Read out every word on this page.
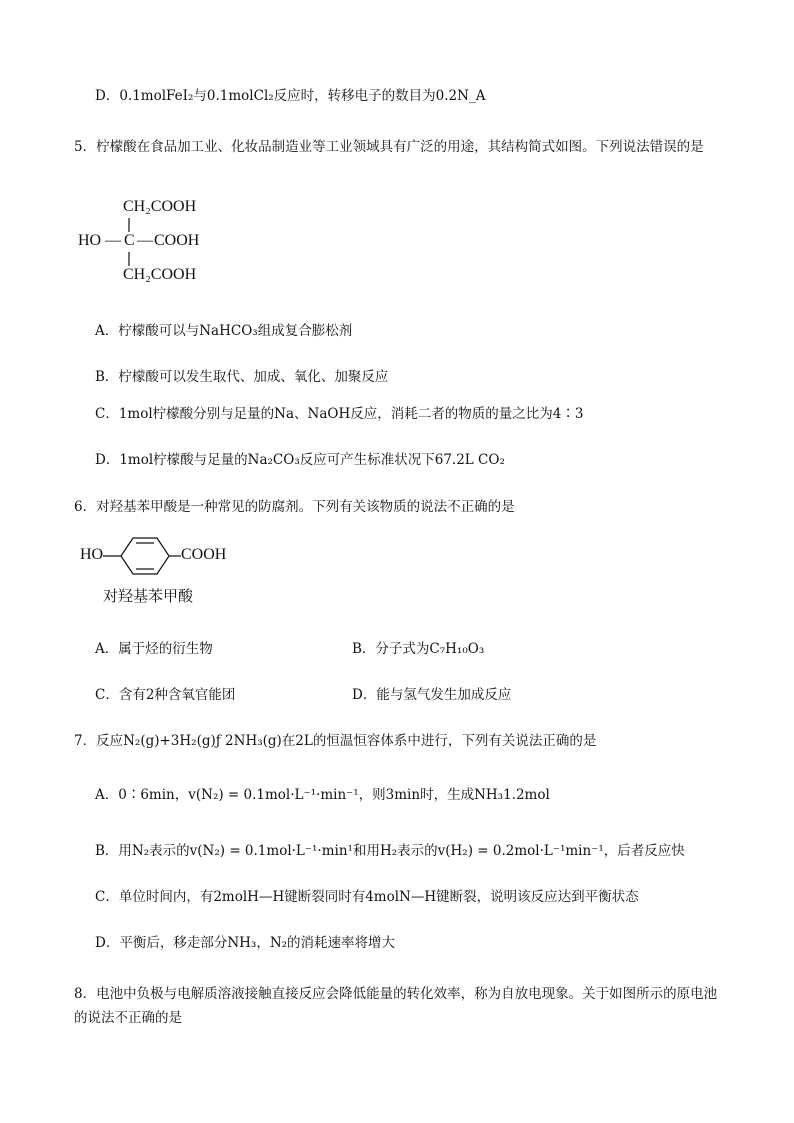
D．0.1molFeI₂与0.1molCl₂反应时，转移电子的数目为0.2N_A
5．柠檬酸在食品加工业、化妆品制造业等工业领域具有广泛的用途，其结构简式如图。下列说法错误的是
CH₂COOH
HO — C — COOH
CH₂COOH
A．柠檬酸可以与NaHCO₃组成复合膨松剂
B．柠檬酸可以发生取代、加成、氧化、加聚反应
C．1mol柠檬酸分别与足量的Na、NaOH反应，消耗二者的物质的量之比为4∶3
D．1mol柠檬酸与足量的Na₂CO₃反应可产生标准状况下67.2L CO₂
6．对羟基苯甲酸是一种常见的防腐剂。下列有关该物质的说法不正确的是
HO	COOH
对羟基苯甲酸
A．属于烃的衍生物	B．分子式为C₇H₁₀O₃
C．含有2种含氧官能团	D．能与氢气发生加成反应
7．反应N₂(g)+3H₂(g)ƒ 2NH₃(g)在2L的恒温恒容体系中进行，下列有关说法正确的是
A．0∶6min，v(N₂) = 0.1mol·L⁻¹·min⁻¹，则3min时，生成NH₃1.2mol
B．用N₂表示的v(N₂) = 0.1mol·L⁻¹·min¹和用H₂表示的v(H₂) = 0.2mol·L⁻¹min⁻¹，后者反应快
C．单位时间内，有2molH—H键断裂同时有4molN—H键断裂，说明该反应达到平衡状态
D．平衡后，移走部分NH₃，N₂的消耗速率将增大
8．电池中负极与电解质溶液接触直接反应会降低能量的转化效率，称为自放电现象。关于如图所示的原电池的说法不正确的是
